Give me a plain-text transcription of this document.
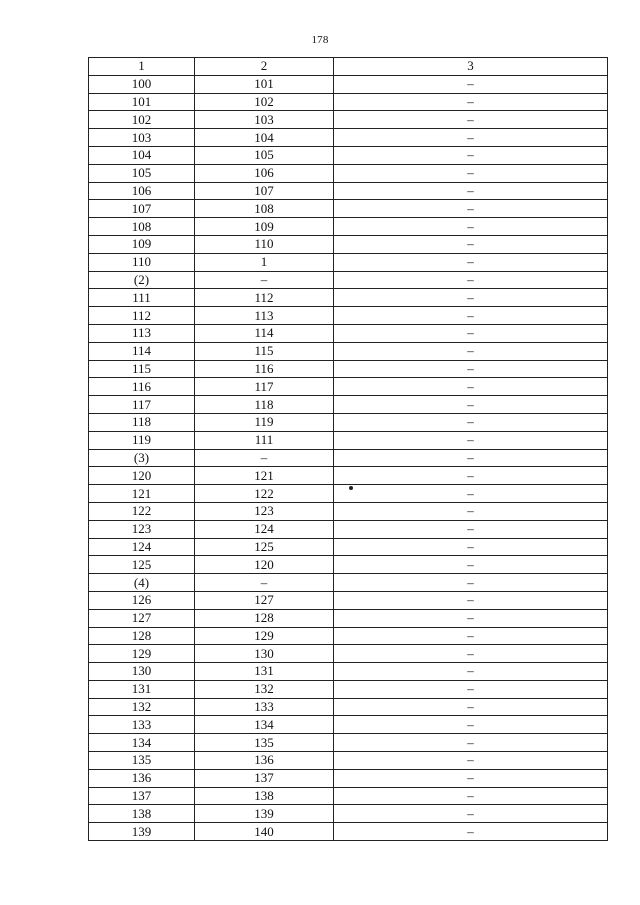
178
1	2	3
100	101	–
101	102	–
102	103	–
103	104	–
104	105	–
105	106	–
106	107	–
107	108	–
108	109	–
109	110	–
110	1	–
(2)	–	–
111	112	–
112	113	–
113	114	–
114	115	–
115	116	–
116	117	–
117	118	–
118	119	–
119	111	–
(3)	–	–
120	121	–
121	122	–
122	123	–
123	124	–
124	125	–
125	120	–
(4)	–	–
126	127	–
127	128	–
128	129	–
129	130	–
130	131	–
131	132	–
132	133	–
133	134	–
134	135	–
135	136	–
136	137	–
137	138	–
138	139	–
139	140	–
